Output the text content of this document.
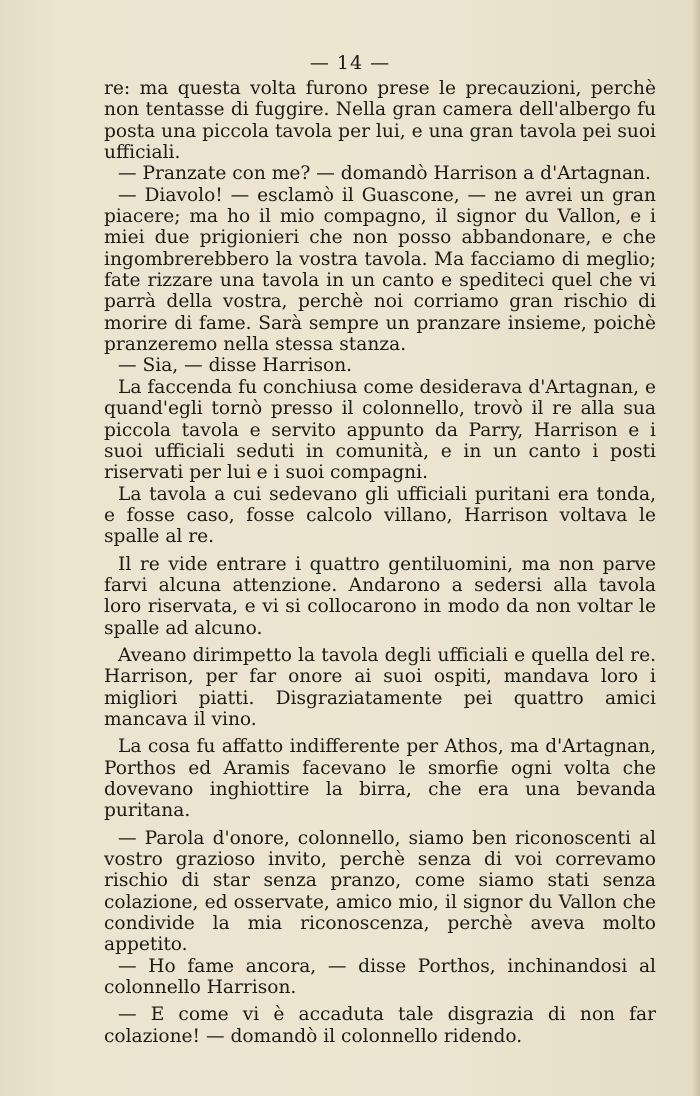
— 14 —

re: ma questa volta furono prese le precauzioni, perchè non tentasse di fuggire. Nella gran camera dell'albergo fu posta una piccola tavola per lui, e una gran tavola pei suoi ufficiali.

— Pranzate con me? — domandò Harrison a d'Artagnan.

— Diavolo! — esclamò il Guascone, — ne avrei un gran piacere; ma ho il mio compagno, il signor du Vallon, e i miei due prigionieri che non posso abbandonare, e che ingombrerebbero la vostra tavola. Ma facciamo di meglio; fate rizzare una tavola in un canto e spediteci quel che vi parrà della vostra, perchè noi corriamo gran rischio di morire di fame. Sarà sempre un pranzare insieme, poichè pranzeremo nella stessa stanza.

— Sia, — disse Harrison.

La faccenda fu conchiusa come desiderava d'Artagnan, e quand'egli tornò presso il colonnello, trovò il re alla sua piccola tavola e servito appunto da Parry, Harrison e i suoi ufficiali seduti in comunità, e in un canto i posti riservati per lui e i suoi compagni.

La tavola a cui sedevano gli ufficiali puritani era tonda, e fosse caso, fosse calcolo villano, Harrison voltava le spalle al re.

Il re vide entrare i quattro gentiluomini, ma non parve farvi alcuna attenzione. Andarono a sedersi alla tavola loro riservata, e vi si collocarono in modo da non voltar le spalle ad alcuno.

Aveano dirimpetto la tavola degli ufficiali e quella del re. Harrison, per far onore ai suoi ospiti, mandava loro i migliori piatti. Disgraziatamente pei quattro amici mancava il vino.

La cosa fu affatto indifferente per Athos, ma d'Artagnan, Porthos ed Aramis facevano le smorfie ogni volta che dovevano inghiottire la birra, che era una bevanda puritana.

— Parola d'onore, colonnello, siamo ben riconoscenti al vostro grazioso invito, perchè senza di voi correvamo rischio di star senza pranzo, come siamo stati senza colazione, ed osservate, amico mio, il signor du Vallon che condivide la mia riconoscenza, perchè aveva molto appetito.

— Ho fame ancora, — disse Porthos, inchinandosi al colonnello Harrison.

— E come vi è accaduta tale disgrazia di non far colazione! — domandò il colonnello ridendo.
